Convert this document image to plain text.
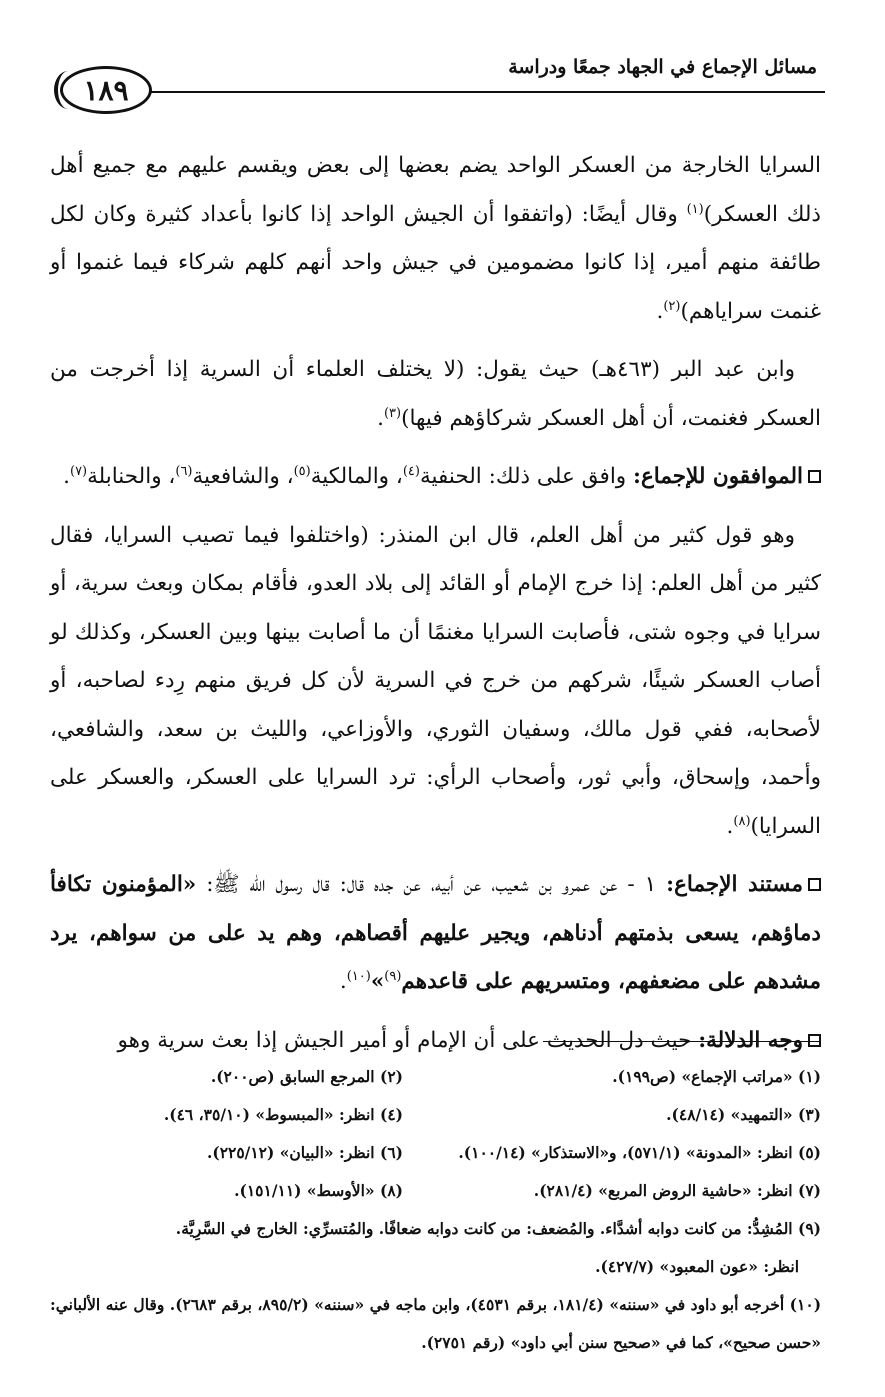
مسائل الإجماع في الجهاد جمعًا ودراسة
١٨٩

السرايا الخارجة من العسكر الواحد يضم بعضها إلى بعض ويقسم عليهم مع جميع أهل ذلك العسكر)$^{(١)}$ وقال أيضًا: (واتفقوا أن الجيش الواحد إذا كانوا بأعداد كثيرة وكان لكل طائفة منهم أمير، إذا كانوا مضمومين في جيش واحد أنهم كلهم شركاء فيما غنموا أو غنمت سراياهم)$^{(٢)}$.

وابن عبد البر (٤٦٣هـ) حيث يقول: (لا يختلف العلماء أن السرية إذا أخرجت من العسكر فغنمت، أن أهل العسكر شركاؤهم فيها)$^{(٣)}$.

الموافقون للإجماع: وافق على ذلك: الحنفية$^{(٤)}$، والمالكية$^{(٥)}$، والشافعية$^{(٦)}$، والحنابلة$^{(٧)}$.

وهو قول كثير من أهل العلم، قال ابن المنذر: (واختلفوا فيما تصيب السرايا، فقال كثير من أهل العلم: إذا خرج الإمام أو القائد إلى بلاد العدو، فأقام بمكان وبعث سرية، أو سرايا في وجوه شتى، فأصابت السرايا مغنمًا أن ما أصابت بينها وبين العسكر، وكذلك لو أصاب العسكر شيئًا، شركهم من خرج في السرية لأن كل فريق منهم رِدء لصاحبه، أو لأصحابه، ففي قول مالك، وسفيان الثوري، والأوزاعي، والليث بن سعد، والشافعي، وأحمد، وإسحاق، وأبي ثور، وأصحاب الرأي: ترد السرايا على العسكر، والعسكر على السرايا)$^{(٨)}$.

مستند الإجماع: ١ - عن عمرو بن شعيب، عن أبيه، عن جده قال: قال رسول الله ﷺ: «المؤمنون تكافأ دماؤهم، يسعى بذمتهم أدناهم، ويجير عليهم أقصاهم، وهم يد على من سواهم، يرد مشدهم على مضعفهم، ومتسريهم على قاعدهم$^{(٩)}$»$^{(١٠)}$.

وجه الدلالة: حيث دل الحديث على أن الإمام أو أمير الجيش إذا بعث سرية وهو

(١) «مراتب الإجماع» (ص١٩٩).
(٢) المرجع السابق (ص٢٠٠).
(٣) «التمهيد» (٤٨/١٤).
(٤) انظر: «المبسوط» (٣٥/١٠، ٤٦).
(٥) انظر: «المدونة» (٥٧١/١)، و«الاستذكار» (١٠٠/١٤).
(٦) انظر: «البيان» (٢٢٥/١٢).
(٧) انظر: «حاشية الروض المربع» (٢٨١/٤).
(٨) «الأوسط» (١٥١/١١).
(٩) المُشِدُّ: من كانت دوابه أشدَّاء. والمُضعف: من كانت دوابه ضعافًا. والمُتسرِّي: الخارج في السَّرِيَّة.
انظر: «عون المعبود» (٤٢٧/٧).
(١٠) أخرجه أبو داود في «سننه» (١٨١/٤، برقم ٤٥٣١)، وابن ماجه في «سننه» (٨٩٥/٢، برقم ٢٦٨٣). وقال عنه الألباني: «حسن صحيح»، كما في «صحيح سنن أبي داود» (رقم ٢٧٥١).
